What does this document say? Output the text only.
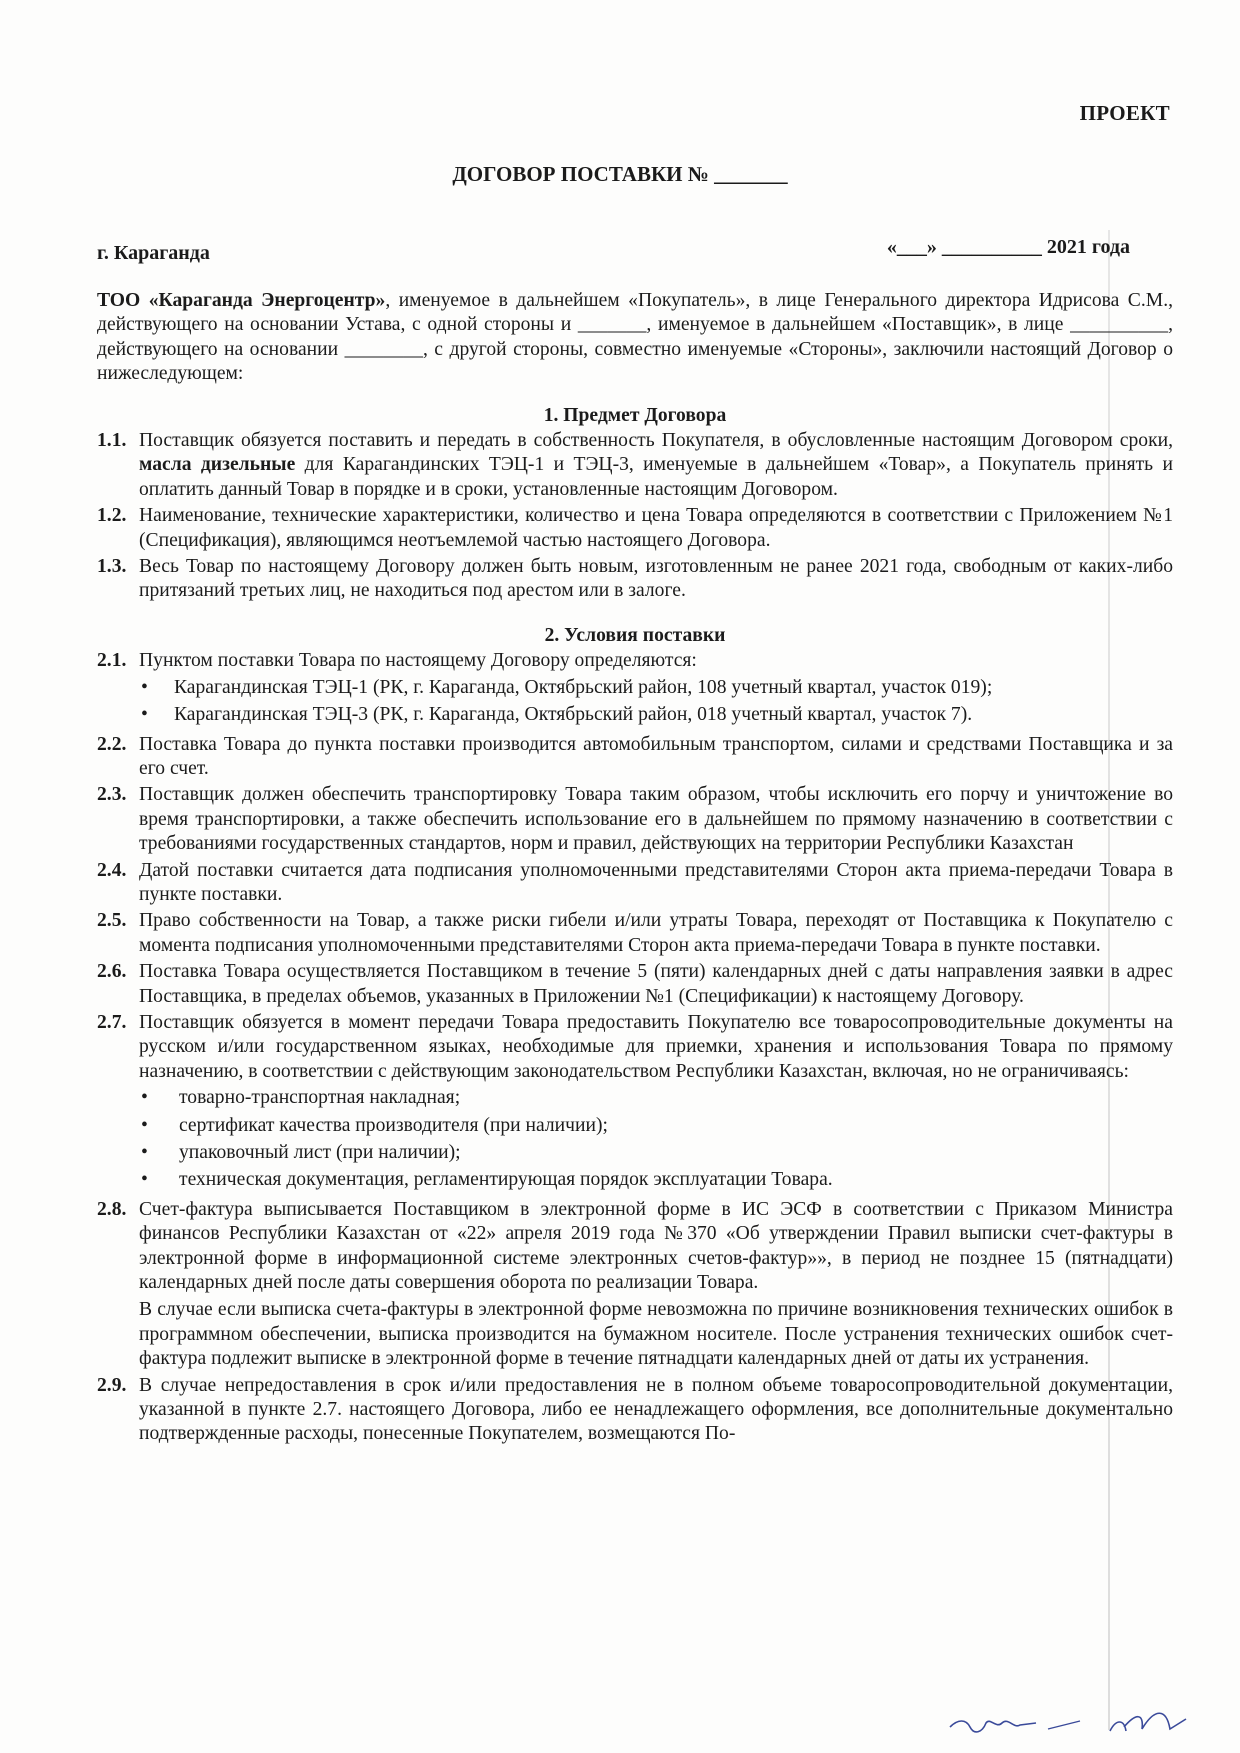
ПРОЕКТ
ДОГОВОР ПОСТАВКИ № _______
г. Караганда	«___» __________ 2021 года

ТОО «Караганда Энергоцентр», именуемое в дальнейшем «Покупатель», в лице Генерального директора Идрисова С.М., действующего на основании Устава, с одной стороны и _______, именуемое в дальнейшем «Поставщик», в лице __________, действующего на основании ________, с другой стороны, совместно именуемые «Стороны», заключили настоящий Договор о нижеследующем:

1. Предмет Договора
1.1. Поставщик обязуется поставить и передать в собственность Покупателя, в обусловленные настоящим Договором сроки, масла дизельные для Карагандинских ТЭЦ-1 и ТЭЦ-3, именуемые в дальнейшем «Товар», а Покупатель принять и оплатить данный Товар в порядке и в сроки, установленные настоящим Договором.
1.2. Наименование, технические характеристики, количество и цена Товара определяются в соответствии с Приложением №1 (Спецификация), являющимся неотъемлемой частью настоящего Договора.
1.3. Весь Товар по настоящему Договору должен быть новым, изготовленным не ранее 2021 года, свободным от каких-либо притязаний третьих лиц, не находиться под арестом или в залоге.
2. Условия поставки
2.1. Пунктом поставки Товара по настоящему Договору определяются:
• Карагандинская ТЭЦ-1 (РК, г. Караганда, Октябрьский район, 108 учетный квартал, участок 019);
• Карагандинская ТЭЦ-3 (РК, г. Караганда, Октябрьский район, 018 учетный квартал, участок 7).
2.2. Поставка Товара до пункта поставки производится автомобильным транспортом, силами и средствами Поставщика и за его счет.
2.3. Поставщик должен обеспечить транспортировку Товара таким образом, чтобы исключить его порчу и уничтожение во время транспортировки, а также обеспечить использование его в дальнейшем по прямому назначению в соответствии с требованиями государственных стандартов, норм и правил, действующих на территории Республики Казахстан
2.4. Датой поставки считается дата подписания уполномоченными представителями Сторон акта приема-передачи Товара в пункте поставки.
2.5. Право собственности на Товар, а также риски гибели и/или утраты Товара, переходят от Поставщика к Покупателю с момента подписания уполномоченными представителями Сторон акта приема-передачи Товара в пункте поставки.
2.6. Поставка Товара осуществляется Поставщиком в течение 5 (пяти) календарных дней с даты направления заявки в адрес Поставщика, в пределах объемов, указанных в Приложении №1 (Спецификации) к настоящему Договору.
2.7. Поставщик обязуется в момент передачи Товара предоставить Покупателю все товаросопроводительные документы на русском и/или государственном языках, необходимые для приемки, хранения и использования Товара по прямому назначению, в соответствии с действующим законодательством Республики Казахстан, включая, но не ограничиваясь:
• товарно-транспортная накладная;
• сертификат качества производителя (при наличии);
• упаковочный лист (при наличии);
• техническая документация, регламентирующая порядок эксплуатации Товара.
2.8. Счет-фактура выписывается Поставщиком в электронной форме в ИС ЭСФ в соответствии с Приказом Министра финансов Республики Казахстан от «22» апреля 2019 года №370 «Об утверждении Правил выписки счет-фактуры в электронной форме в информационной системе электронных счетов-фактур»», в период не позднее 15 (пятнадцати) календарных дней после даты совершения оборота по реализации Товара.

В случае если выписка счета-фактуры в электронной форме невозможна по причине возникновения технических ошибок в программном обеспечении, выписка производится на бумажном носителе. После устранения технических ошибок счет-фактура подлежит выписке в электронной форме в течение пятнадцати календарных дней от даты их устранения.

2.9. В случае непредоставления в срок и/или предоставления не в полном объеме товаросопроводительной документации, указанной в пункте 2.7. настоящего Договора, либо ее ненадлежащего оформления, все дополнительные документально подтвержденные расходы, понесенные Покупателем, возмещаются По-
